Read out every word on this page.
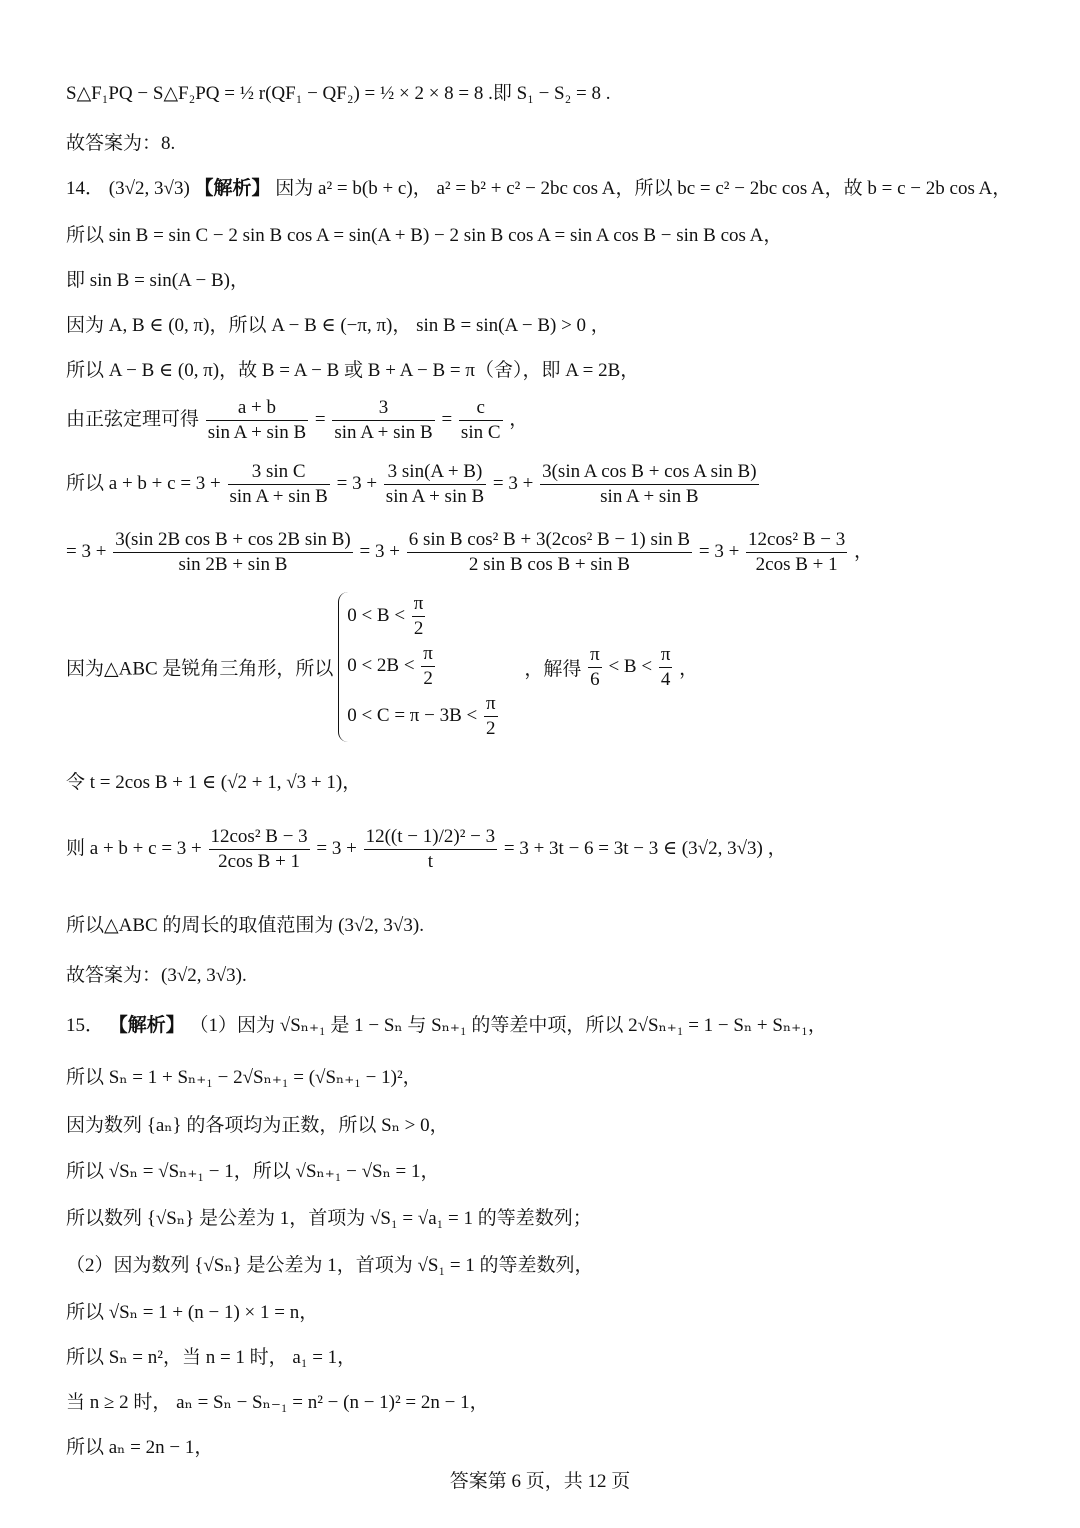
S△F₁PQ − S△F₂PQ = ½ r(QF₁ − QF₂) = ½ × 2 × 8 = 8 .即 S₁ − S₂ = 8 .
故答案为：8.
14． (3√2, 3√3) 【解析】 因为 a² = b(b + c)， a² = b² + c² − 2bc cos A，所以 bc = c² − 2bc cos A，故 b = c − 2b cos A，
所以 sin B = sin C − 2 sin B cos A = sin(A + B) − 2 sin B cos A = sin A cos B − sin B cos A，
即 sin B = sin(A − B)，
因为 A, B ∈ (0, π)，所以 A − B ∈ (−π, π)， sin B = sin(A − B) > 0 ，
所以 A − B ∈ (0, π)，故 B = A − B 或 B + A − B = π（舍），即 A = 2B，
由正弦定理可得 $\frac{a + b}{\text{sin A + sin B}} = \frac{3}{\text{sin A + sin B}} = \frac{c}{\text{sin C}}$ ，
所以 $a + b + c = 3 + \frac{\text{3 sin C}}{\text{sin A + sin B}} = 3 + \frac{3 \sin(A + B)}{\text{sin A + sin B}} = 3 + \frac{\text{3(sin A cos B + cos A sin B)}}{\text{sin A + sin B}}$
= $3 + \frac{\text{3(sin 2B cos B + cos 2B sin B)}}{\text{sin 2B + sin B}} = 3 + \frac{\text{6 sin B cos² B + 3(2cos² B − 1) sin B}}{\text{2 sin B cos B + sin B}} = 3 + \frac{\text{12cos² B − 3}}{\text{2cos B + 1}}$ ，
因为△ABC 是锐角三角形，所以
$0 < B < \frac{\pi}{2}$
$0 < 2B < \frac{\pi}{2}$
$0 < C = \pi - 3B < \frac{\pi}{2}$
，解得 $\frac{\pi}{6} < B < \frac{\pi}{4}$ ，
令 t = 2cos B + 1 ∈ (√2 + 1, √3 + 1)，
则 $a + b + c = 3 + \frac{\text{12cos² B − 3}}{\text{2cos B + 1}} = 3 + \frac{\text{12((t − 1)/2)² − 3}}{t} = 3 + 3t - 6 = 3t - 3$ ∈ (3√2, 3√3) ，
所以△ABC 的周长的取值范围为 (3√2, 3√3).
故答案为：(3√2, 3√3).
15． 【解析】 （1）因为 √Sₙ₊₁ 是 1 − Sₙ 与 Sₙ₊₁ 的等差中项，所以 2√Sₙ₊₁ = 1 − Sₙ + Sₙ₊₁，
所以 Sₙ = 1 + Sₙ₊₁ − 2√Sₙ₊₁ = (√Sₙ₊₁ − 1)²，
因为数列 {aₙ} 的各项均为正数，所以 Sₙ > 0，
所以 √Sₙ = √Sₙ₊₁ − 1，所以 √Sₙ₊₁ − √Sₙ = 1，
所以数列 {√Sₙ} 是公差为 1，首项为 √S₁ = √a₁ = 1 的等差数列；
（2）因为数列 {√Sₙ} 是公差为 1，首项为 √S₁ = 1 的等差数列，
所以 √Sₙ = 1 + (n − 1) × 1 = n，
所以 Sₙ = n²，当 n = 1 时， a₁ = 1，
当 n ≥ 2 时， aₙ = Sₙ − Sₙ₋₁ = n² − (n − 1)² = 2n − 1，
所以 aₙ = 2n − 1，
答案第 6 页，共 12 页
